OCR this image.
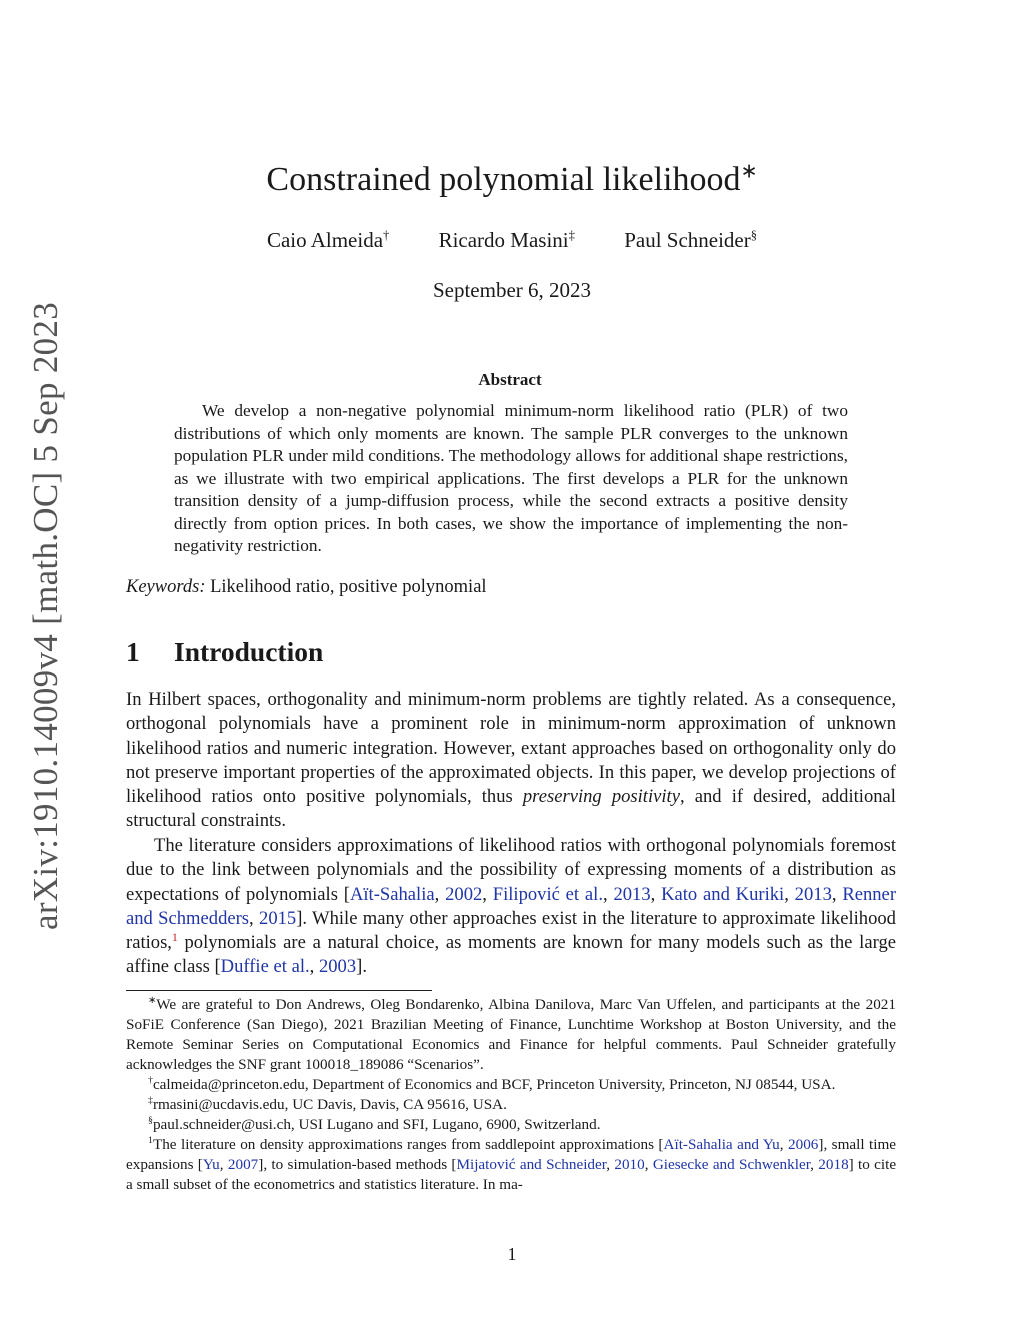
arXiv:1910.14009v4 [math.OC] 5 Sep 2023
Constrained polynomial likelihood∗
Caio Almeida† Ricardo Masini‡ Paul Schneider§
September 6, 2023
Abstract

We develop a non-negative polynomial minimum-norm likelihood ratio (PLR) of two distributions of which only moments are known. The sample PLR converges to the unknown population PLR under mild conditions. The methodology allows for additional shape restrictions, as we illustrate with two empirical applications. The first develops a PLR for the unknown transition density of a jump-diffusion process, while the second extracts a positive density directly from option prices. In both cases, we show the importance of implementing the non-negativity restriction.

Keywords: Likelihood ratio, positive polynomial
1 Introduction

In Hilbert spaces, orthogonality and minimum-norm problems are tightly related. As a consequence, orthogonal polynomials have a prominent role in minimum-norm approximation of unknown likelihood ratios and numeric integration. However, extant approaches based on orthogonality only do not preserve important properties of the approximated objects. In this paper, we develop projections of likelihood ratios onto positive polynomials, thus preserving positivity, and if desired, additional structural constraints.

The literature considers approximations of likelihood ratios with orthogonal polynomials foremost due to the link between polynomials and the possibility of expressing moments of a distribution as expectations of polynomials [Aït-Sahalia, 2002, Filipović et al., 2013, Kato and Kuriki, 2013, Renner and Schmedders, 2015]. While many other approaches exist in the literature to approximate likelihood ratios,$^1$ polynomials are a natural choice, as moments are known for many models such as the large affine class [Duffie et al., 2003].

∗We are grateful to Don Andrews, Oleg Bondarenko, Albina Danilova, Marc Van Uffelen, and participants at the 2021 SoFiE Conference (San Diego), 2021 Brazilian Meeting of Finance, Lunchtime Workshop at Boston University, and the Remote Seminar Series on Computational Economics and Finance for helpful comments. Paul Schneider gratefully acknowledges the SNF grant 100018_189086 “Scenarios”.

†calmeida@princeton.edu, Department of Economics and BCF, Princeton University, Princeton, NJ 08544, USA.

‡rmasini@ucdavis.edu, UC Davis, Davis, CA 95616, USA.

§paul.schneider@usi.ch, USI Lugano and SFI, Lugano, 6900, Switzerland.

$^1$The literature on density approximations ranges from saddlepoint approximations [Aït-Sahalia and Yu, 2006], small time expansions [Yu, 2007], to simulation-based methods [Mijatović and Schneider, 2010, Giesecke and Schwenkler, 2018] to cite a small subset of the econometrics and statistics literature. In ma-

1
